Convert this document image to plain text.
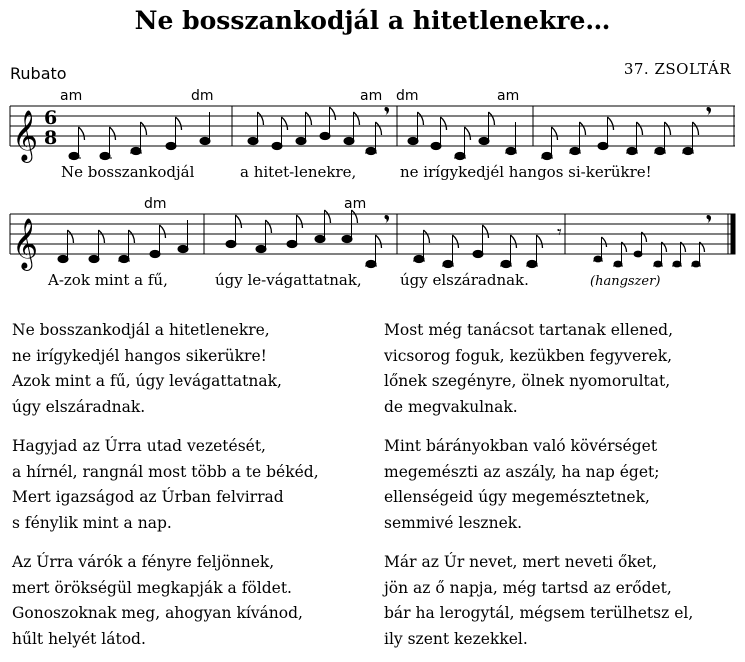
Ne bosszankodjál a hitetlenekre…
Rubato	37. ZSOLTÁR
am	dm	am dm	am
𝄞 6
8
Ne bosszankodjál	a hitet-lenekre,	ne irígykedjél hangos si-kerükre!
dm	am
𝄞	𝄾
A-zok mint a fű,	úgy le-vágattatnak,	úgy elszáradnak.	(hangszer)
Ne bosszankodjál a hitetlenekre,
ne irígykedjél hangos sikerükre!
Azok mint a fű, úgy levágattatnak,
úgy elszáradnak.
Most még tanácsot tartanak ellened,
vicsorog foguk, kezükben fegyverek,
lőnek szegényre, ölnek nyomorultat,
de megvakulnak.
Hagyjad az Úrra utad vezetését,
a hírnél, rangnál most több a te békéd,
Mert igazságod az Úrban felvirrad
s fénylik mint a nap.
Mint bárányokban való kövérséget
megemészti az aszály, ha nap éget;
ellenségeid úgy megemésztetnek,
semmivé lesznek.
Az Úrra várók a fényre feljönnek,
mert örökségül megkapják a földet.
Gonoszoknak meg, ahogyan kívánod,
hűlt helyét látod.
Már az Úr nevet, mert neveti őket,
jön az ő napja, még tartsd az erődet,
bár ha lerogytál, mégsem terülhetsz el,
ily szent kezekkel.
